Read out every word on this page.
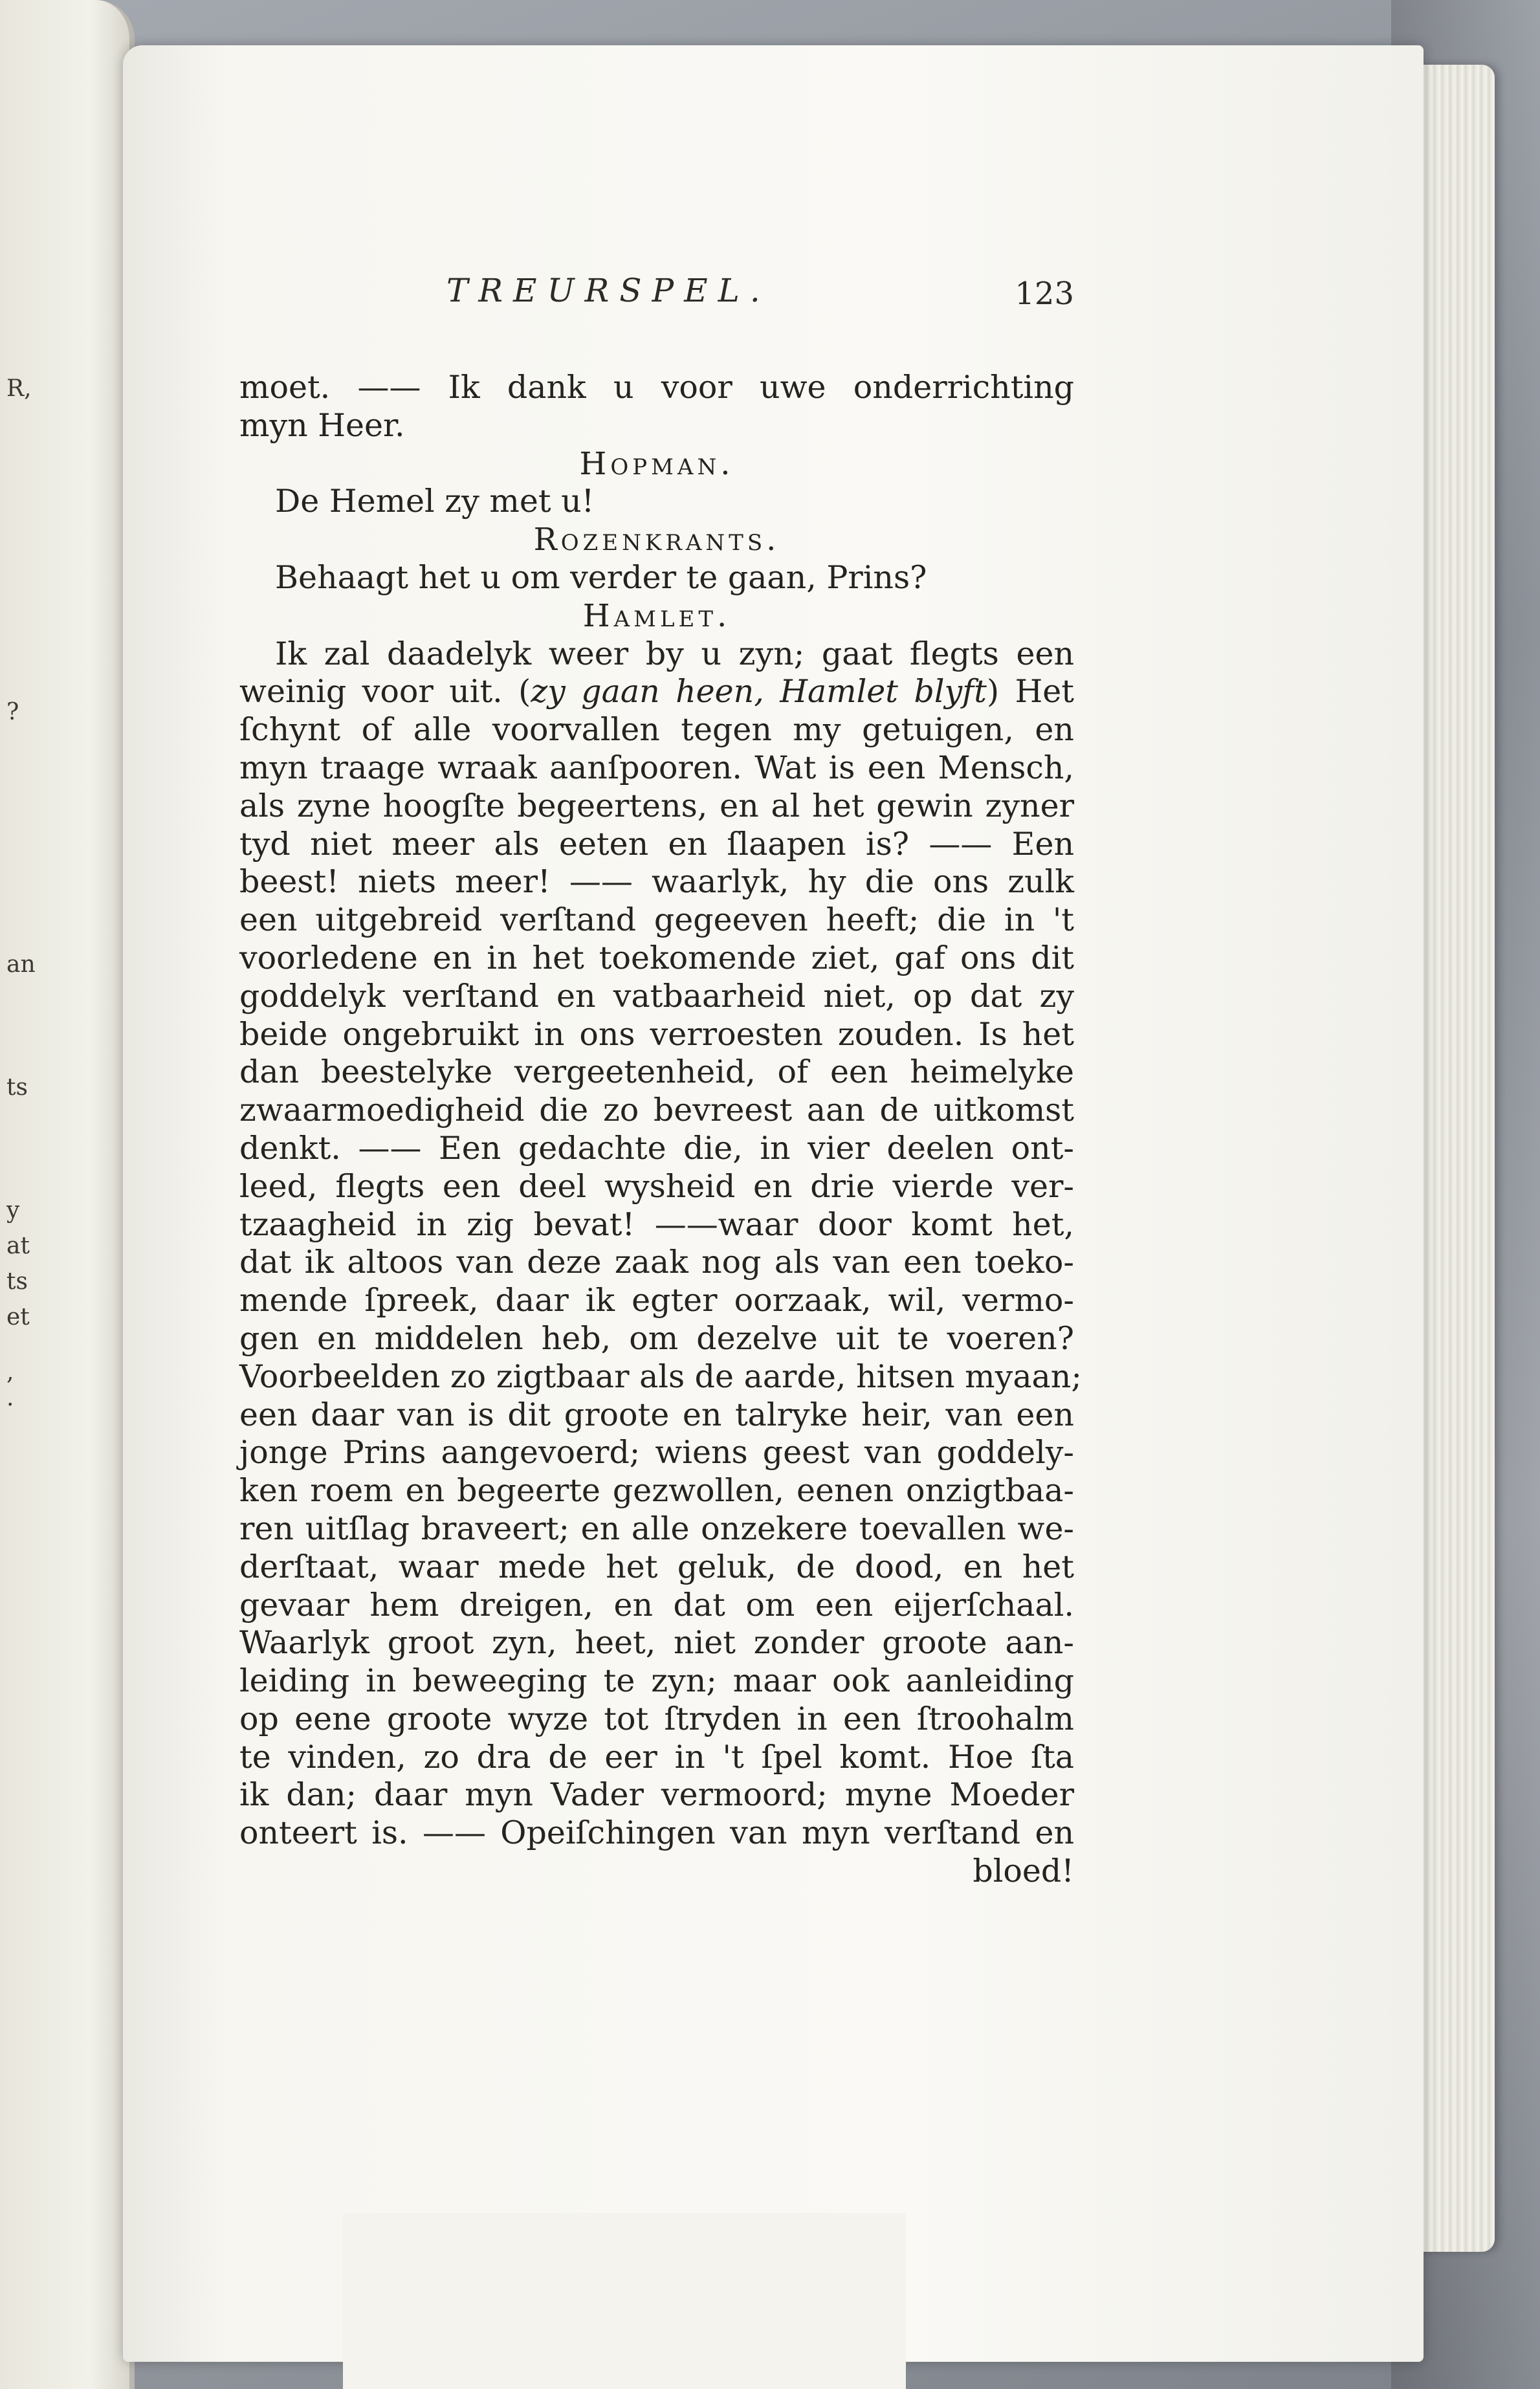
R,
?
an
ts
y
at
ts
et
,
.
TREURSPEL.	123
moet. —— Ik dank u voor uwe onderrichting
myn Heer.
Hopman.
De Hemel zy met u!
Rozenkrants.
Behaagt het u om verder te gaan, Prins?
Hamlet.
Ik zal daadelyk weer by u zyn; gaat flegts een
weinig voor uit. (zy gaan heen, Hamlet blyft) Het
ſchynt of alle voorvallen tegen my getuigen, en
myn traage wraak aanſpooren. Wat is een Mensch,
als zyne hoogſte begeertens, en al het gewin zyner
tyd niet meer als eeten en ſlaapen is? —— Een
beest! niets meer! —— waarlyk, hy die ons zulk
een uitgebreid verſtand gegeeven heeft; die in 't
voorledene en in het toekomende ziet, gaf ons dit
goddelyk verſtand en vatbaarheid niet, op dat zy
beide ongebruikt in ons verroesten zouden. Is het
dan beestelyke vergeetenheid, of een heimelyke
zwaarmoedigheid die zo bevreest aan de uitkomst
denkt. —— Een gedachte die, in vier deelen ont-
leed, flegts een deel wysheid en drie vierde ver-
tzaagheid in zig bevat! ——waar door komt het,
dat ik altoos van deze zaak nog als van een toeko-
mende ſpreek, daar ik egter oorzaak, wil, vermo-
gen en middelen heb, om dezelve uit te voeren?
Voorbeelden zo zigtbaar als de aarde, hitsen myaan;
een daar van is dit groote en talryke heir, van een
jonge Prins aangevoerd; wiens geest van goddely-
ken roem en begeerte gezwollen, eenen onzigtbaa-
ren uitſlag braveert; en alle onzekere toevallen we-
derſtaat, waar mede het geluk, de dood, en het
gevaar hem dreigen, en dat om een eijerſchaal.
Waarlyk groot zyn, heet, niet zonder groote aan-
leiding in beweeging te zyn; maar ook aanleiding
op eene groote wyze tot ſtryden in een ſtroohalm
te vinden, zo dra de eer in 't ſpel komt. Hoe ſta
ik dan; daar myn Vader vermoord; myne Moeder
onteert is. —— Opeiſchingen van myn verſtand en
bloed!
